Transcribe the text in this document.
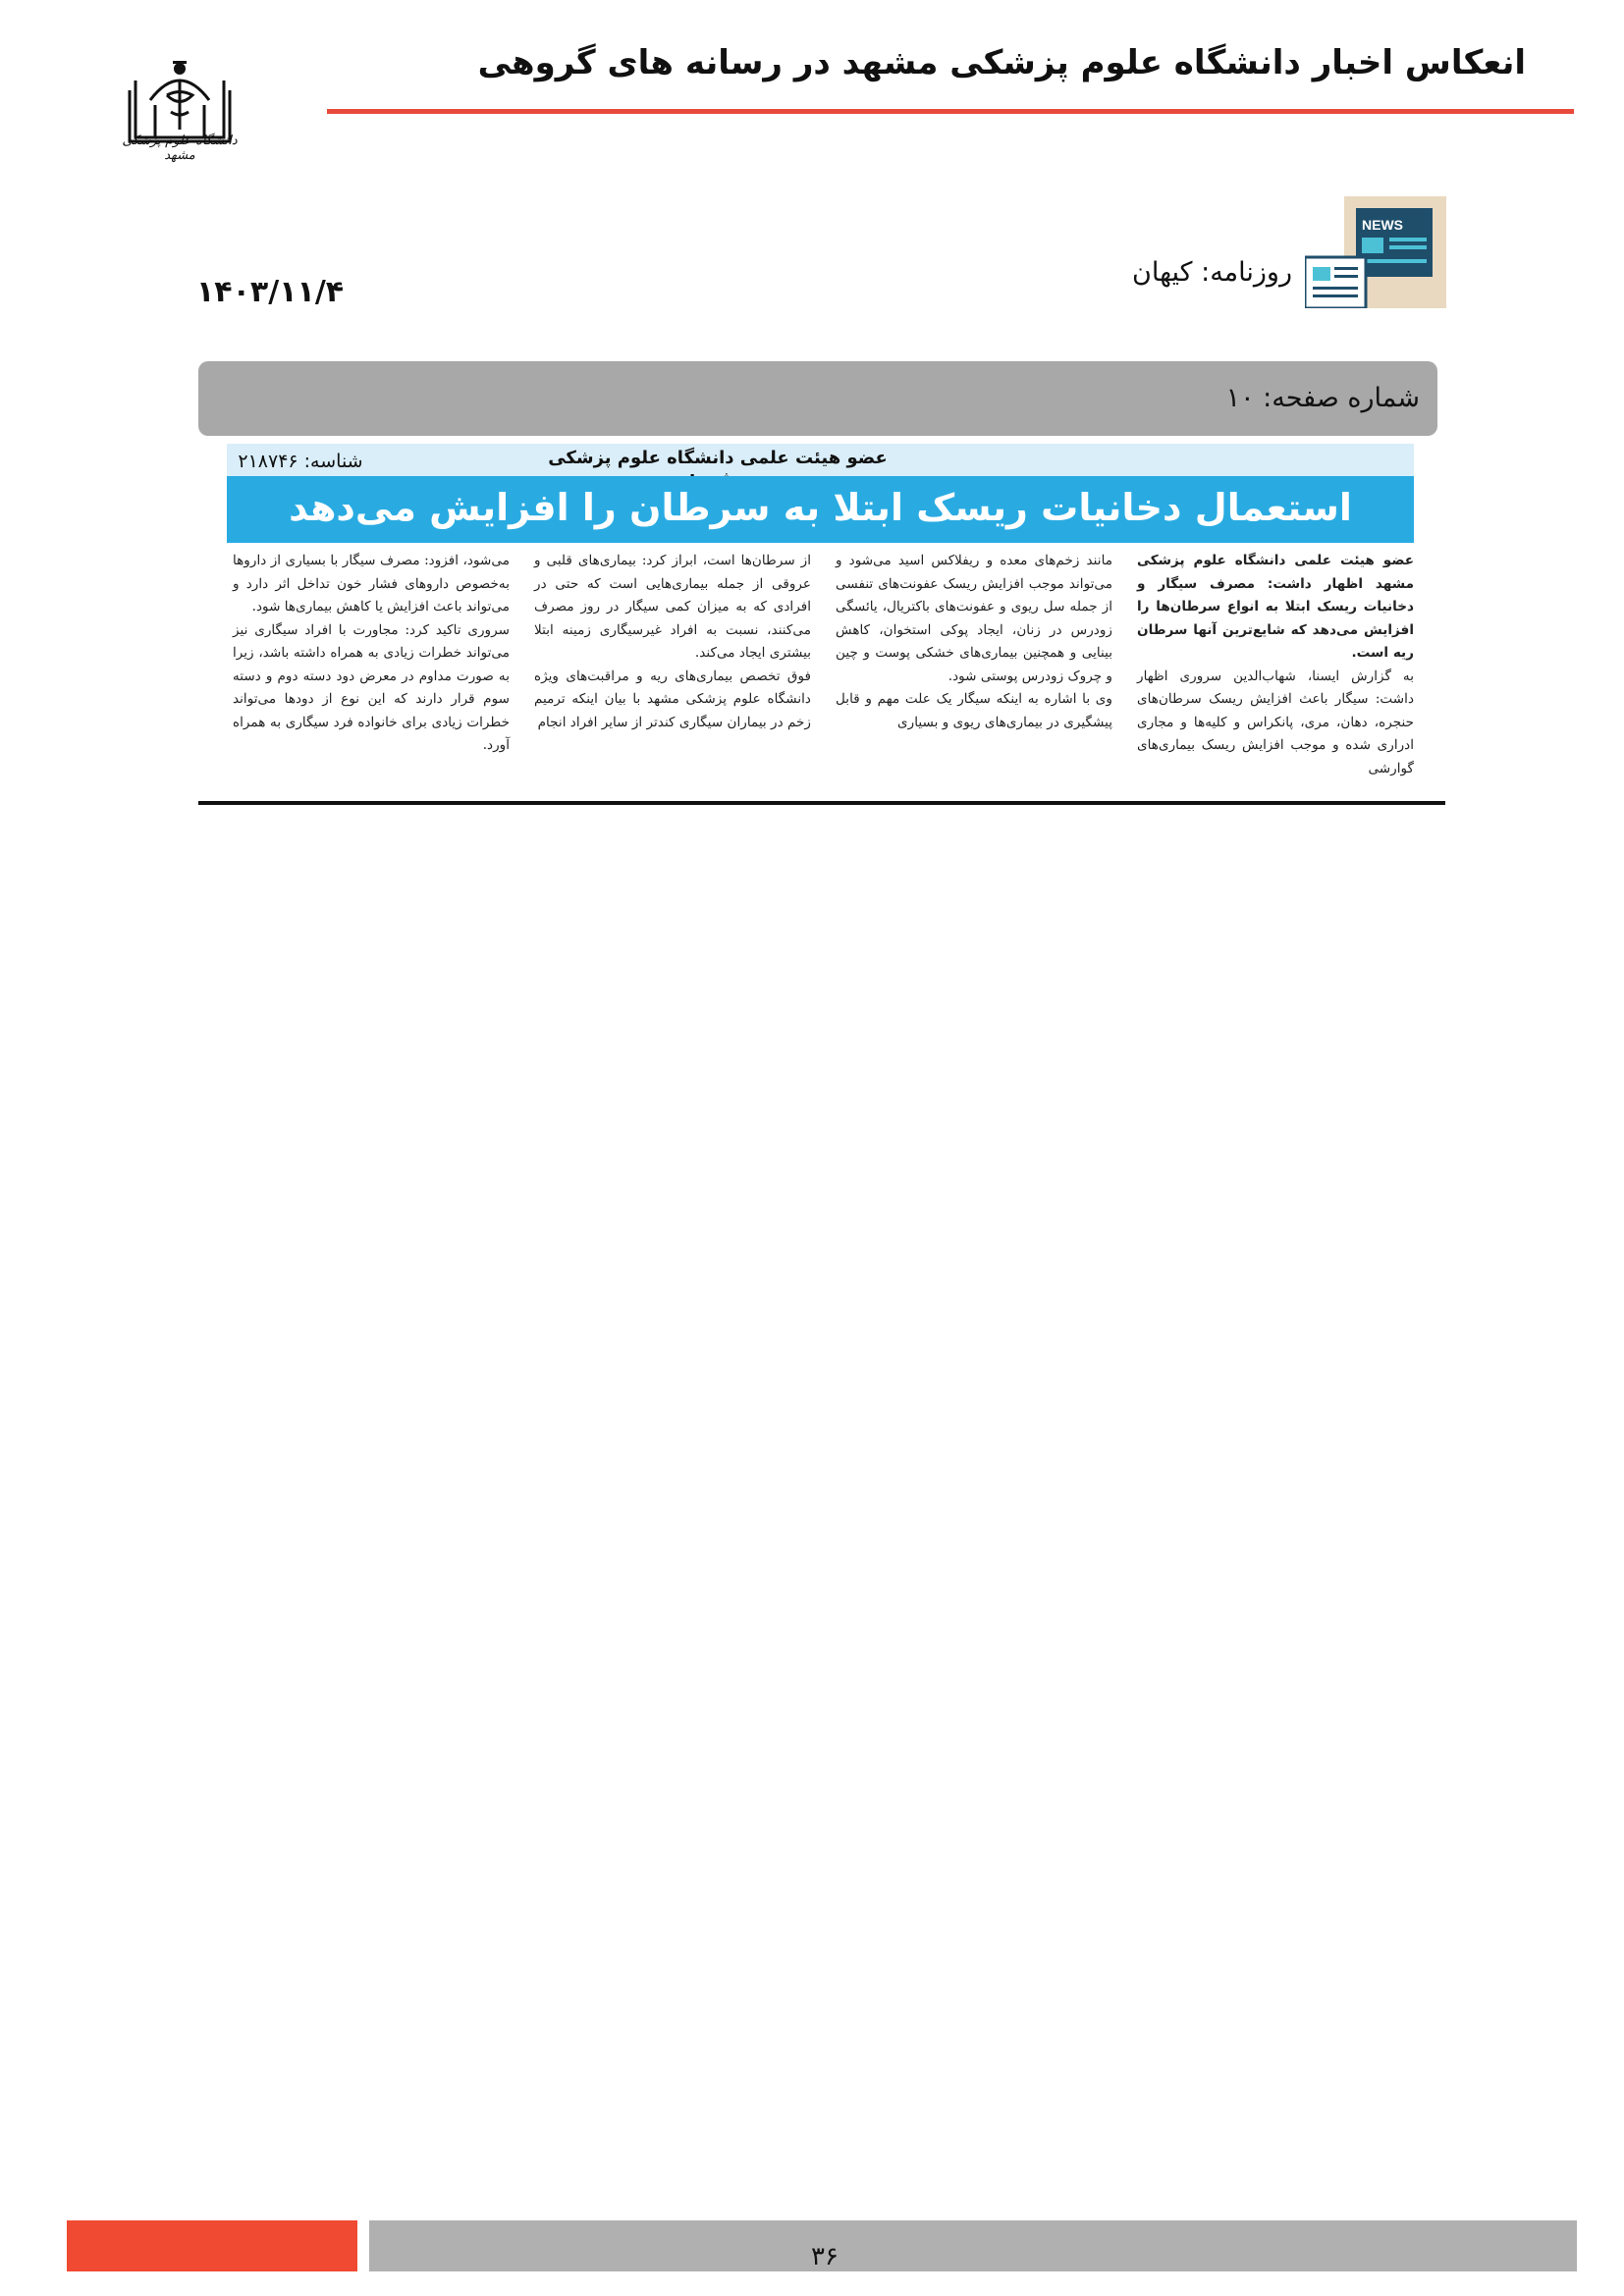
انعکاس اخبار دانشگاه علوم پزشکی مشهد در رسانه های گروهی
دانشگاه علوم پزشکی مشهد
NEWS
روزنامه: کیهان
۱۴۰۳/۱۱/۴
شماره صفحه: ۱۰
عضو هیئت علمی دانشگاه علوم پزشکی
شناسه: ۲۱۸۷۴۶
استعمال دخانیات ریسک ابتلا به سرطان را افزایش می‌دهد

عضو هیئت علمی دانشگاه علوم پزشکی مشهد اظهار داشت: مصرف سیگار و دخانیات ریسک ابتلا به انواع سرطان‌ها را افزایش می‌دهد که شایع‌ترین آنها سرطان ریه است.

به گزارش ایسنا، شهاب‌الدین سروری اظهار داشت: سیگار باعث افزایش ریسک سرطان‌های حنجره، دهان، مری، پانکراس و کلیه‌ها و مجاری ادراری شده و موجب افزایش ریسک بیماری‌های گوارشی

مانند زخم‌های معده و ریفلاکس اسید می‌شود و می‌تواند موجب افزایش ریسک عفونت‌های تنفسی از جمله سل ریوی و عفونت‌های باکتریال، یائسگی زودرس در زنان، ایجاد پوکی استخوان، کاهش بینایی و همچنین بیماری‌های خشکی پوست و چین و چروک زودرس پوستی شود.

وی با اشاره به اینکه سیگار یک علت مهم و قابل پیشگیری در بیماری‌های ریوی و بسیاری

از سرطان‌ها است، ابراز کرد: بیماری‌های قلبی و عروقی از جمله بیماری‌هایی است که حتی در افرادی که به میزان کمی سیگار در روز مصرف می‌کنند، نسبت به افراد غیرسیگاری زمینه ابتلا بیشتری ایجاد می‌کند.

فوق تخصص بیماری‌های ریه و مراقبت‌های ویژه دانشگاه علوم پزشکی مشهد با بیان اینکه ترمیم زخم در بیماران سیگاری کندتر از سایر افراد انجام

می‌شود، افزود: مصرف سیگار با بسیاری از داروها به‌خصوص داروهای فشار خون تداخل اثر دارد و می‌تواند باعث افزایش یا کاهش بیماری‌ها شود.

سروری تاکید کرد: مجاورت با افراد سیگاری نیز می‌تواند خطرات زیادی به همراه داشته باشد، زیرا به صورت مداوم در معرض دود دسته دوم و دسته سوم قرار دارند که این نوع از دودها می‌تواند خطرات زیادی برای خانواده فرد سیگاری به همراه آورد.

۳۶
